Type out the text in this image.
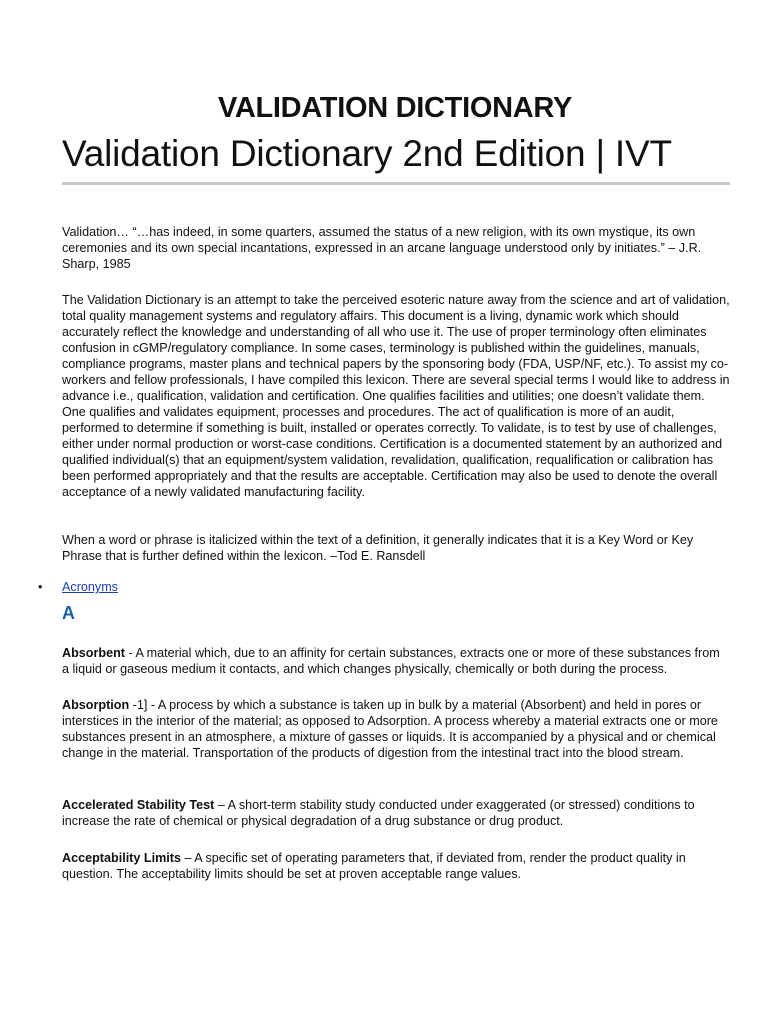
VALIDATION DICTIONARY
Validation Dictionary 2nd Edition | IVT

Validation… “…has indeed, in some quarters, assumed the status of a new religion, with its own mystique, its own ceremonies and its own special incantations, expressed in an arcane language understood only by initiates.” – J.R. Sharp, 1985

The Validation Dictionary is an attempt to take the perceived esoteric nature away from the science and art of validation, total quality management systems and regulatory affairs. This document is a living, dynamic work which should accurately reflect the knowledge and understanding of all who use it. The use of proper terminology often eliminates confusion in cGMP/regulatory compliance. In some cases, terminology is published within the guidelines, manuals, compliance programs, master plans and technical papers by the sponsoring body (FDA, USP/NF, etc.). To assist my co-workers and fellow professionals, I have compiled this lexicon. There are several special terms I would like to address in advance i.e., qualification, validation and certification. One qualifies facilities and utilities; one doesn’t validate them. One qualifies and validates equipment, processes and procedures. The act of qualification is more of an audit, performed to determine if something is built, installed or operates correctly. To validate, is to test by use of challenges, either under normal production or worst-case conditions. Certification is a documented statement by an authorized and qualified individual(s) that an equipment/system validation, revalidation, qualification, requalification or calibration has been performed appropriately and that the results are acceptable. Certification may also be used to denote the overall acceptance of a newly validated manufacturing facility.

When a word or phrase is italicized within the text of a definition, it generally indicates that it is a Key Word or Key Phrase that is further defined within the lexicon. –Tod E. Ransdell

• Acronyms
A

Absorbent - A material which, due to an affinity for certain substances, extracts one or more of these substances from a liquid or gaseous medium it contacts, and which changes physically, chemically or both during the process.

Absorption -1] - A process by which a substance is taken up in bulk by a material (Absorbent) and held in pores or interstices in the interior of the material; as opposed to Adsorption. A process whereby a material extracts one or more substances present in an atmosphere, a mixture of gasses or liquids. It is accompanied by a physical and or chemical change in the material. Transportation of the products of digestion from the intestinal tract into the blood stream.

Accelerated Stability Test – A short-term stability study conducted under exaggerated (or stressed) conditions to increase the rate of chemical or physical degradation of a drug substance or drug product.

Acceptability Limits – A specific set of operating parameters that, if deviated from, render the product quality in question. The acceptability limits should be set at proven acceptable range values.
